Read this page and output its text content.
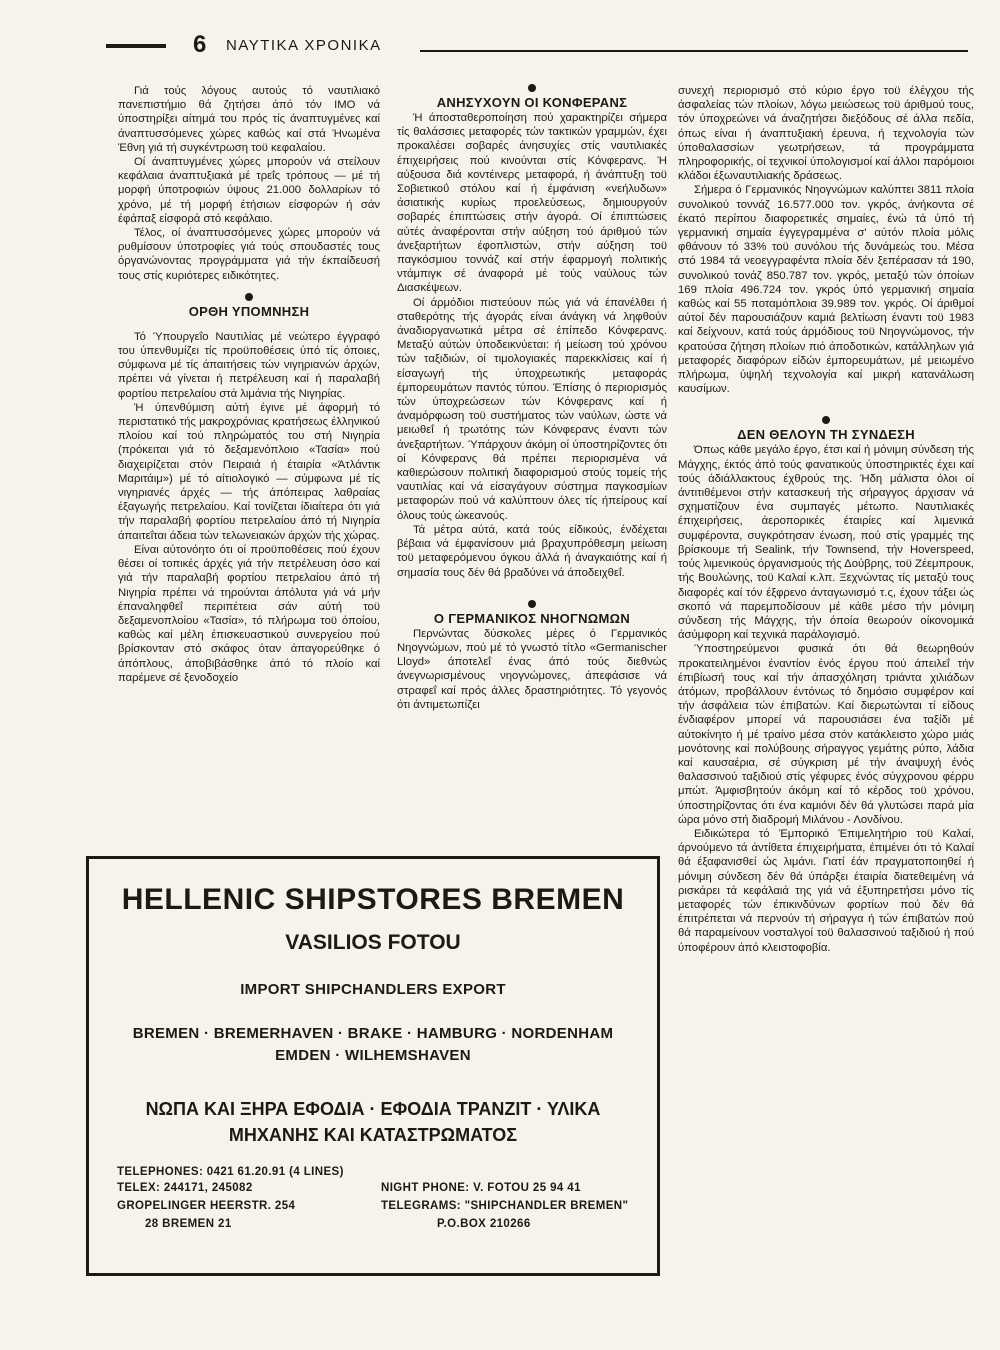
6 ΝΑΥΤΙΚΑ ΧΡΟΝΙΚΑ

Γιά τούς λόγους αυτούς τό ναυτιλιακό πανεπιστήμιο θά ζητήσει άπό τόν IMO νά ύποστηρίξει αίτημά του πρός τίς άναπτυγμένες καί άναπτυσσόμενες χώρες καθώς καί στά Ήνωμένα Έθνη γιά τή συγκέντρωση τοϋ κεφαλαίου.

Οί άναπτυγμένες χώρες μπορούν νά στείλουν κεφάλαια άναπτυξιακά μέ τρεΐς τρόπους — μέ τή μορφή ύποτροφιών ύψους 21.000 δολλαρίων τό χρόνο, μέ τή μορφή έτήσιων είσφορών ή σάν έφάπαξ είσφορά στό κεφάλαιο.

Τέλος, οί άναπτυσσόμενες χώρες μπορούν νά ρυθμίσουν ύποτροφίες γιά τούς σπουδαστές τους όργανώνοντας προγράμματα γιά τήν έκπαίδευσή τους στίς κυριότερες ειδικότητες.

ΟΡΘΗ ΥΠΟΜΝΗΣΗ

Τό Ύπουργεΐο Ναυτιλίας μέ νεώτερο έγγραφό του ύπενθυμίζει τίς προϋποθέσεις ύπό τίς όποιες, σύμφωνα μέ τίς άπαιτήσεις τών νιγηριανών άρχών, πρέπει νά γίνεται ή πετρέλευση καί ή παραλαβή φορτίου πετρελαίου στά λιμάνια τής Νιγηρίας.

Ή ύπενθύμιση αύτή έγινε μέ άφορμή τό περιστατικό τής μακροχρόνιας κρατήσεως έλληνικού πλοίου καί τού πληρώματός του στή Νιγηρία (πρόκειται γιά τό δεξαμενόπλοιο «Τασία» πού διαχειρίζεται στόν Πειραιά ή έταιρία «Άτλάντικ Μαριτάιμ») μέ τό αίτιολογικό — σύμφωνα μέ τίς νιγηριανές άρχές — τής άπόπειρας λαθραίας έξαγωγής πετρελαίου. Καί τονίζεται ίδιαίτερα ότι γιά τήν παραλαβή φορτίου πετρελαίου άπό τή Νιγηρία άπαιτεΐται άδεια τών τελωνειακών άρχών τής χώρας.

Είναι αύτονόητο ότι οί προϋποθέσεις πού έχουν θέσει οί τοπικές άρχές γιά τήν πετρέλευση όσο καί γιά τήν παραλαβή φορτίου πετρελαίου άπό τή Νιγηρία πρέπει νά τηρούνται άπόλυτα γιά νά μήν έπαναληφθεΐ περιπέτεια σάν αύτή τοϋ δεξαμενοπλοίου «Τασία», τό πλήρωμα τοϋ όποίου, καθώς καί μέλη έπισκευαστικού συνεργείου πού βρίσκονταν στό σκάφος όταν άπαγορεύθηκε ό άπόπλους, άποβιβάσθηκε άπό τό πλοίο καί παρέμενε σέ ξενοδοχείο

ΑΝΗΣΥΧΟΥΝ ΟΙ ΚΟΝΦΕΡΑΝΣ

Ή άποσταθεροποίηση πού χαρακτηρίζει σήμερα τίς θαλάσσιες μεταφορές τών τακτικών γραμμών, έχει προκαλέσει σοβαρές άνησυχίες στίς ναυτιλιακές έπιχειρήσεις πού κινούνται στίς Κόνφερανς. Ή αύξουσα διά κοντέινερς μεταφορά, ή άνάπτυξη τοϋ Σοβιετικοΰ στόλου καί ή έμφάνιση «νεήλυδων» άσιατικής κυρίως προελεύσεως, δημιουργούν σοβαρές έπιπτώσεις στήν άγορά. Οί έπιπτώσεις αύτές άναφέρονται στήν αύξηση τού άριθμού τών άνεξαρτήτων έφοπλιστών, στήν αύξηση τοϋ παγκόσμιου τοννάζ καί στήν έφαρμογή πολιτικής ντάμπιγκ σέ άναφορά μέ τούς ναύλους τών Διασκέψεων.

Οί άρμόδιοι πιστεύουν πώς γιά νά έπανέλθει ή σταθερότης τής άγοράς είναι άνάγκη νά ληφθούν άναδιοργανωτικά μέτρα σέ έπίπεδο Κόνφερανς. Μεταξύ αύτών ύποδεικνύεται: ή μείωση τού χρόνου τών ταξιδιών, οί τιμολογιακές παρεκκλίσεις καί ή είσαγωγή τής ύποχρεωτικής μεταφοράς έμπορευμάτων παντός τύπου. Έπίσης ό περιορισμός τών ύποχρεώσεων τών Κόνφερανς καί ή άναμόρφωση τοϋ συστήματος τών ναύλων, ώστε νά μειωθεΐ ή τρωτότης τών Κόνφερανς έναντι τών άνεξαρτήτων. Ύπάρχουν άκόμη οί ύποστηρίζοντες ότι οί Κόνφερανς θά πρέπει περιορισμένα νά καθιερώσουν πολιτική διαφορισμού στούς τομείς τής ναυτιλίας καί νά είσαγάγουν σύστημα παγκοσμίων μεταφορών πού νά καλύπτουν όλες τίς ήπείρους καί όλους τούς ώκεανούς.

Τά μέτρα αύτά, κατά τούς είδικούς, ένδέχεται βέβαια νά έμφανίσουν μιά βραχυπρόθεσμη μείωση τοϋ μεταφερόμενου όγκου άλλά ή άναγκαιότης καί ή σημασία τους δέν θά βραδύνει νά άποδειχθεΐ.

Ο ΓΕΡΜΑΝΙΚΟΣ ΝΗΟΓΝΩΜΩΝ

Περνώντας δύσκολες μέρες ό Γερμανικός Νηογνώμων, πού μέ τό γνωστό τίτλο «Germanischer Lloyd» άποτελεΐ ένας άπό τούς διεθνώς άνεγνωρισμένους νηογνώμονες, άπεφάσισε νά στραφεΐ καί πρός άλλες δραστηριότητες. Τό γεγονός ότι άντιμετωπίζει

συνεχή περιορισμό στό κύριο έργο τοϋ έλέγχου τής άσφαλείας τών πλοίων, λόγω μειώσεως τοϋ άριθμού τους, τόν ύποχρεώνει νά άναζητήσει διεξόδους σέ άλλα πεδία, όπως είναι ή άναπτυξιακή έρευνα, ή τεχνολογία τών ύποθαλασσίων γεωτρήσεων, τά προγράμματα πληροφορικής, οί τεχνικοί ύπολογισμοί καί άλλοι παρόμοιοι κλάδοι έξωναυτιλιακής δράσεως.

Σήμερα ό Γερμανικός Νηογνώμων καλύπτει 3811 πλοία συνολικού τοννάζ 16.577.000 τον. γκρός, άνήκοντα σέ έκατό περίπου διαφορετικές σημαίες, ένώ τά ύπό τή γερμανική σημαία έγγεγραμμένα σ' αύτόν πλοία μόλις φθάνουν τό 33% τοϋ συνόλου τής δυνάμεώς του. Μέσα στό 1984 τά νεοεγγραφέντα πλοία δέν ξεπέρασαν τά 190, συνολικού τονάζ 850.787 τον. γκρός, μεταξύ τών όποίων 169 πλοία 496.724 τον. γκρός ύπό γερμανική σημαία καθώς καί 55 ποταμόπλοια 39.989 τον. γκρός. Οί άριθμοί αύτοί δέν παρουσιάζουν καμιά βελτίωση έναντι τοϋ 1983 καί δείχνουν, κατά τούς άρμόδιους τοϋ Νηογνώμονος, τήν κρατούσα ζήτηση πλοίων πιό άποδοτικών, κατάλληλων γιά μεταφορές διαφόρων είδών έμπορευμάτων, μέ μειωμένο πλήρωμα, ύψηλή τεχνολογία καί μικρή κατανάλωση καυσίμων.

ΔΕΝ ΘΕΛΟΥΝ ΤΗ ΣΥΝΔΕΣΗ

Όπως κάθε μεγάλο έργο, έτσι καί ή μόνιμη σύνδεση τής Μάγχης, έκτός άπό τούς φανατικούς ύποστηρικτές έχει καί τούς άδιάλλακτους έχθρούς της. Ήδη μάλιστα όλοι οί άντιτιθέμενοι στήν κατασκευή τής σήραγγος άρχισαν νά σχηματίζουν ένα συμπαγές μέτωπο. Ναυτιλιακές έπιχειρήσεις, άεροπορικές έταιρίες καί λιμενικά συμφέροντα, συγκρότησαν ένωση, πού στίς γραμμές της βρίσκουμε τή Sealink, τήν Townsend, τήν Hoverspeed, τούς λιμενικούς όργανισμούς τής Δούβρης, τοϋ Ζέεμπρουκ, τής Βουλώνης, τοϋ Καλαί κ.λπ. Ξεχνώντας τίς μεταξύ τους διαφορές καί τόν έξφρενο άνταγωνισμό τ.ς, έχουν τάξει ώς σκοπό νά παρεμποδίσουν μέ κάθε μέσο τήν μόνιμη σύνδεση τής Μάγχης, τήν όποία θεωρούν οίκονομικά άσύμφορη καί τεχνικά παράλογισμό.

Ύποστηρεύμενοι φυσικά ότι θά θεωρηθούν προκατειλημένοι έναντίον ένός έργου πού άπειλεΐ τήν έπιβίωσή τους καί τήν άπασχόληση τριάντα χιλιάδων άτόμων, προβάλλουν έντόνως τό δημόσιο συμφέρον καί τήν άσφάλεια τών έπιβατών. Καί διερωτώνται τί είδους ένδιαφέρον μπορεί νά παρουσιάσει ένα ταξίδι μέ αύτοκίνητο ή μέ τραίνο μέσα στόν κατάκλειστο χώρο μιάς μονότονης καί πολύβουης σήραγγος γεμάτης ρύπο, λάδια καί καυσαέρια, σέ σύγκριση μέ τήν άναψυχή ένός θαλασσινού ταξιδιού στίς γέφυρες ένός σύγχρονου φέρρυ μπώτ. Άμφισβητούν άκόμη καί τό κέρδος τοϋ χρόνου, ύποστηρίζοντας ότι ένα καμιόνι δέν θά γλυτώσει παρά μία ώρα μόνο στή διαδρομή Μιλάνου - Λονδίνου.

Ειδικώτερα τό Έμπορικό Έπιμελητήριο τοϋ Καλαί, άρνούμενο τά άντίθετα έπιχειρήματα, έπιμένει ότι τό Καλαί θά έξαφανισθεί ώς λιμάνι. Γιατί έάν πραγματοποιηθεί ή μόνιμη σύνδεση δέν θά ύπάρξει έταιρία διατεθειμένη νά ρισκάρει τά κεφάλαιά της γιά νά έξυπηρετήσει μόνο τίς μεταφορές τών έπικινδύνων φορτίων πού δέν θά έπιτρέπεται νά περνούν τή σήραγγα ή τών έπιβατών πού θά παραμείνουν νοσταλγοί τοϋ θαλασσινού ταξιδιού ή πού ύποφέρουν άπό κλειστοφοβία.

HELLENIC SHIPSTORES BREMEN
VASILIOS FOTOU
IMPORT SHIPCHANDLERS EXPORT
BREMEN · BREMERHAVEN · BRAKE · HAMBURG · NORDENHAM
EMDEN · WILHEMSHAVEN
ΝΩΠΑ ΚΑΙ ΞΗΡΑ ΕΦΟΔΙΑ · ΕΦΟΔΙΑ ΤΡΑΝΖΙΤ · ΥΛΙΚΑ
ΜΗΧΑΝΗΣ ΚΑΙ ΚΑΤΑΣΤΡΩΜΑΤΟΣ
TELEPHONES: 0421 61.20.91 (4 LINES)
TELEX: 244171, 245082
GROPELINGER HEERSTR. 254
28 BREMEN 21
NIGHT PHONE: V. FOTOU 25 94 41
TELEGRAMS: "SHIPCHANDLER BREMEN"
P.O.BOX 210266
